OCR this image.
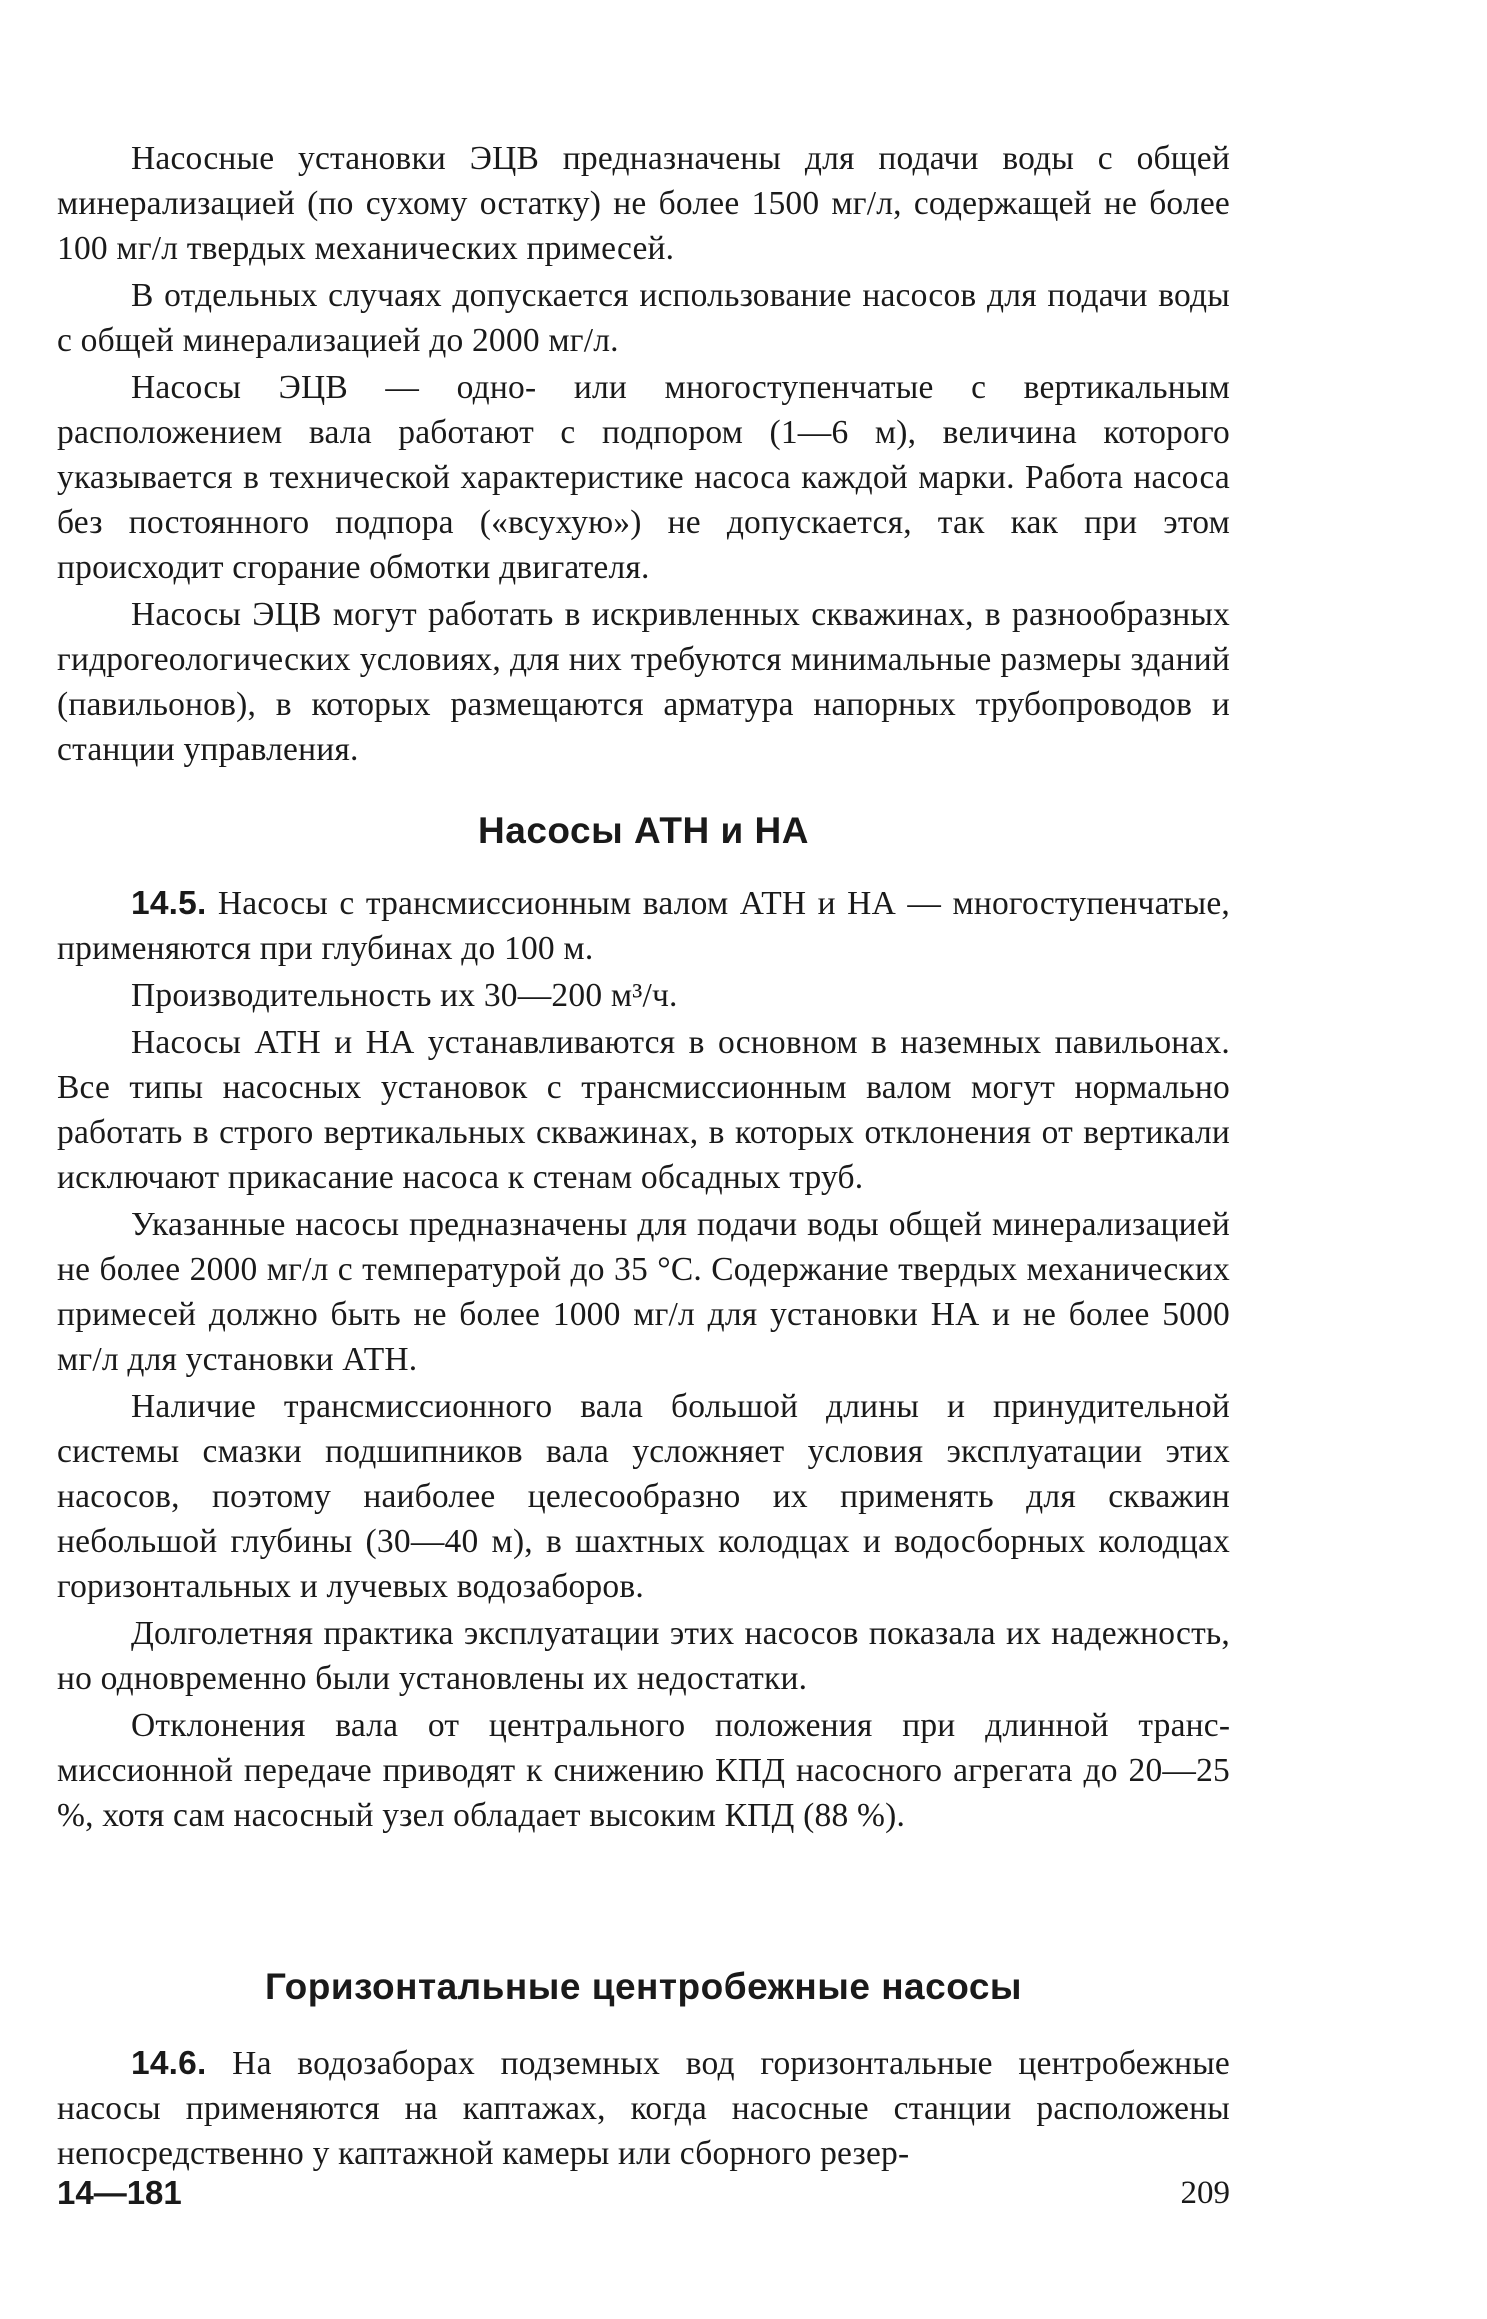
Насосные установки ЭЦВ предназначены для подачи воды с общей минерализацией (по сухому остатку) не более 1500 мг/л, содержащей не более 100 мг/л твердых механических примесей.

В отдельных случаях допускается использование насосов для подачи воды с общей минерализацией до 2000 мг/л.

Насосы ЭЦВ — одно- или многоступенчатые с вертикальным расположением вала работают с подпором (1—6 м), величина которого указывается в технической характеристике насоса каждой марки. Работа насоса без постоянного подпора («всухую») не допускается, так как при этом происходит сгорание обмотки двигателя.

Насосы ЭЦВ могут работать в искривленных скважинах, в разнообразных гидрогеологических условиях, для них требуются минимальные размеры зданий (павильонов), в которых размещаются арматура напорных трубопроводов и станции управления.

Насосы АТН и НА

14.5. Насосы с трансмиссионным валом АТН и НА — многоступенчатые, применяются при глубинах до 100 м.

Производительность их 30—200 м³/ч.

Насосы АТН и НА устанавливаются в основном в наземных павильонах. Все типы насосных установок с трансмиссионным валом могут нормально работать в строго вертикальных скважинах, в которых отклонения от вертикали исключают прикасание насоса к стенам обсадных труб.

Указанные насосы предназначены для подачи воды общей минерализацией не более 2000 мг/л с температурой до 35 °С. Содержание твердых механических примесей должно быть не более 1000 мг/л для установки НА и не более 5000 мг/л для установки АТН.

Наличие трансмиссионного вала большой длины и принудительной системы смазки подшипников вала усложняет условия эксплуатации этих насосов, поэтому наиболее целесообразно их применять для скважин небольшой глубины (30—40 м), в шахтных колодцах и водосборных колодцах горизонтальных и лучевых водозаборов.

Долголетняя практика эксплуатации этих насосов показала их надежность, но одновременно были установлены их недостатки.

Отклонения вала от центрального положения при длинной трансмиссионной передаче приводят к снижению КПД насосного агрегата до 20—25 %, хотя сам насосный узел обладает высоким КПД (88 %).

Горизонтальные центробежные насосы

14.6. На водозаборах подземных вод горизонтальные центробежные насосы применяются на каптажах, когда насосные станции расположены непосредственно у каптажной камеры или сборного резер-

14—181	209
